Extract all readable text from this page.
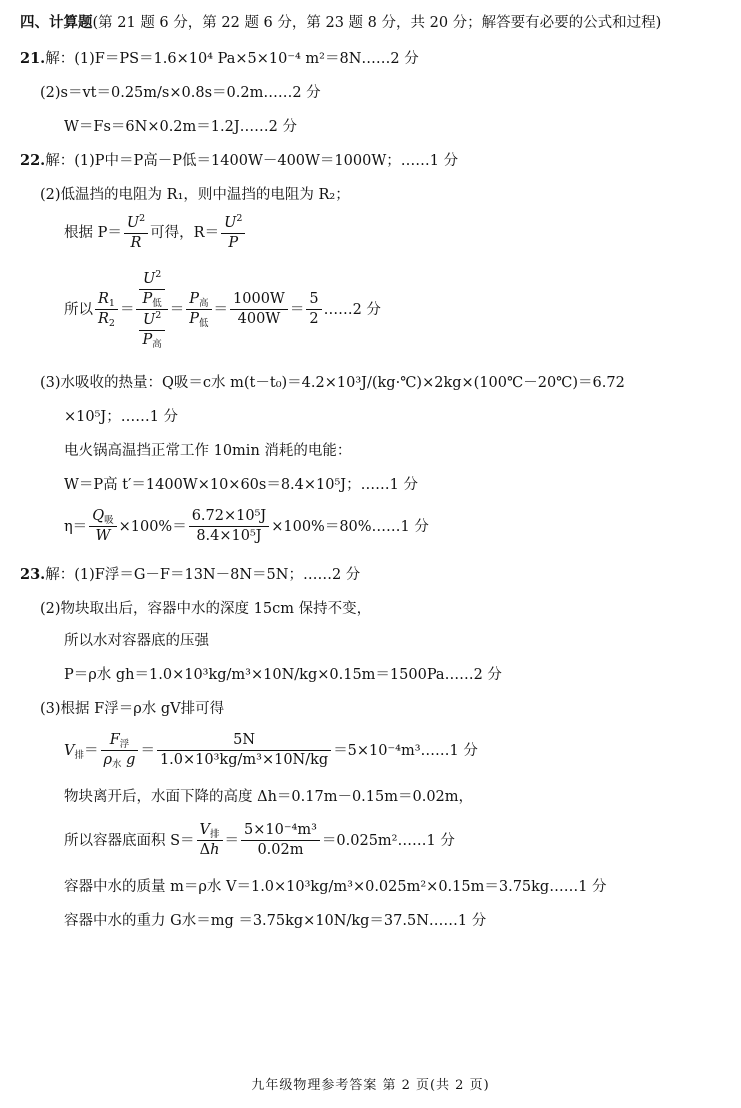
四、计算题(第 21 题 6 分，第 22 题 6 分，第 23 题 8 分，共 20 分；解答要有必要的公式和过程)
21.解：(1)F＝PS＝1.6×10⁴ Pa×5×10⁻⁴ m²＝8N……2 分
(2)s＝vt＝0.25m/s×0.8s＝0.2m……2 分
W＝Fs＝6N×0.2m＝1.2J……2 分
22.解：(1)P中＝P高－P低＝1400W－400W＝1000W；……1 分
(2)低温挡的电阻为 R₁，则中温挡的电阻为 R₂；
根据 P＝
$U^2$
R
可得，R＝
$U^2$
P
所以
$R_1$
$R_2$
＝
$U^2$
$P_低$
$U^2$
$P_高$
＝
$P_高$
$P_低$
＝
1000W
400W
＝
5
2
……2 分
(3)水吸收的热量：Q吸＝c水 m(t－t₀)＝4.2×10³J/(kg·℃)×2kg×(100℃－20℃)＝6.72
×10⁵J；……1 分
电火锅高温挡正常工作 10min 消耗的电能：
W＝P高 t′＝1400W×10×60s＝8.4×10⁵J；……1 分
η＝
$Q_吸$
W
$\times 100\%= \frac{\text{6.72×10⁵J}}{\text{8.4×10⁵J}}$ ×100%＝80%……1 分
23.解：(1)F浮＝G－F＝13N－8N＝5N；……2 分
(2)物块取出后，容器中水的深度 15cm 保持不变，
所以水对容器底的压强
P＝ρ水 gh＝1.0×10³kg/m³×10N/kg×0.15m＝1500Pa……2 分
(3)根据 F浮＝ρ水 gV排可得
$V_排=$
$F_浮$
$\rho_水$ g
＝
5N
1.0×10³kg/m³×10N/kg
＝5×10⁻⁴m³……1 分
物块离开后，水面下降的高度 Δh＝0.17m－0.15m＝0.02m，
所以容器底面积 S＝
$V_排$
Δh
＝
5×10⁻⁴m³
0.02m
＝0.025m²……1 分
容器中水的质量 m＝ρ水 V＝1.0×10³kg/m³×0.025m²×0.15m＝3.75kg……1 分
容器中水的重力 G水＝mg ＝3.75kg×10N/kg＝37.5N……1 分
九年级物理参考答案 第 2 页(共 2 页)
